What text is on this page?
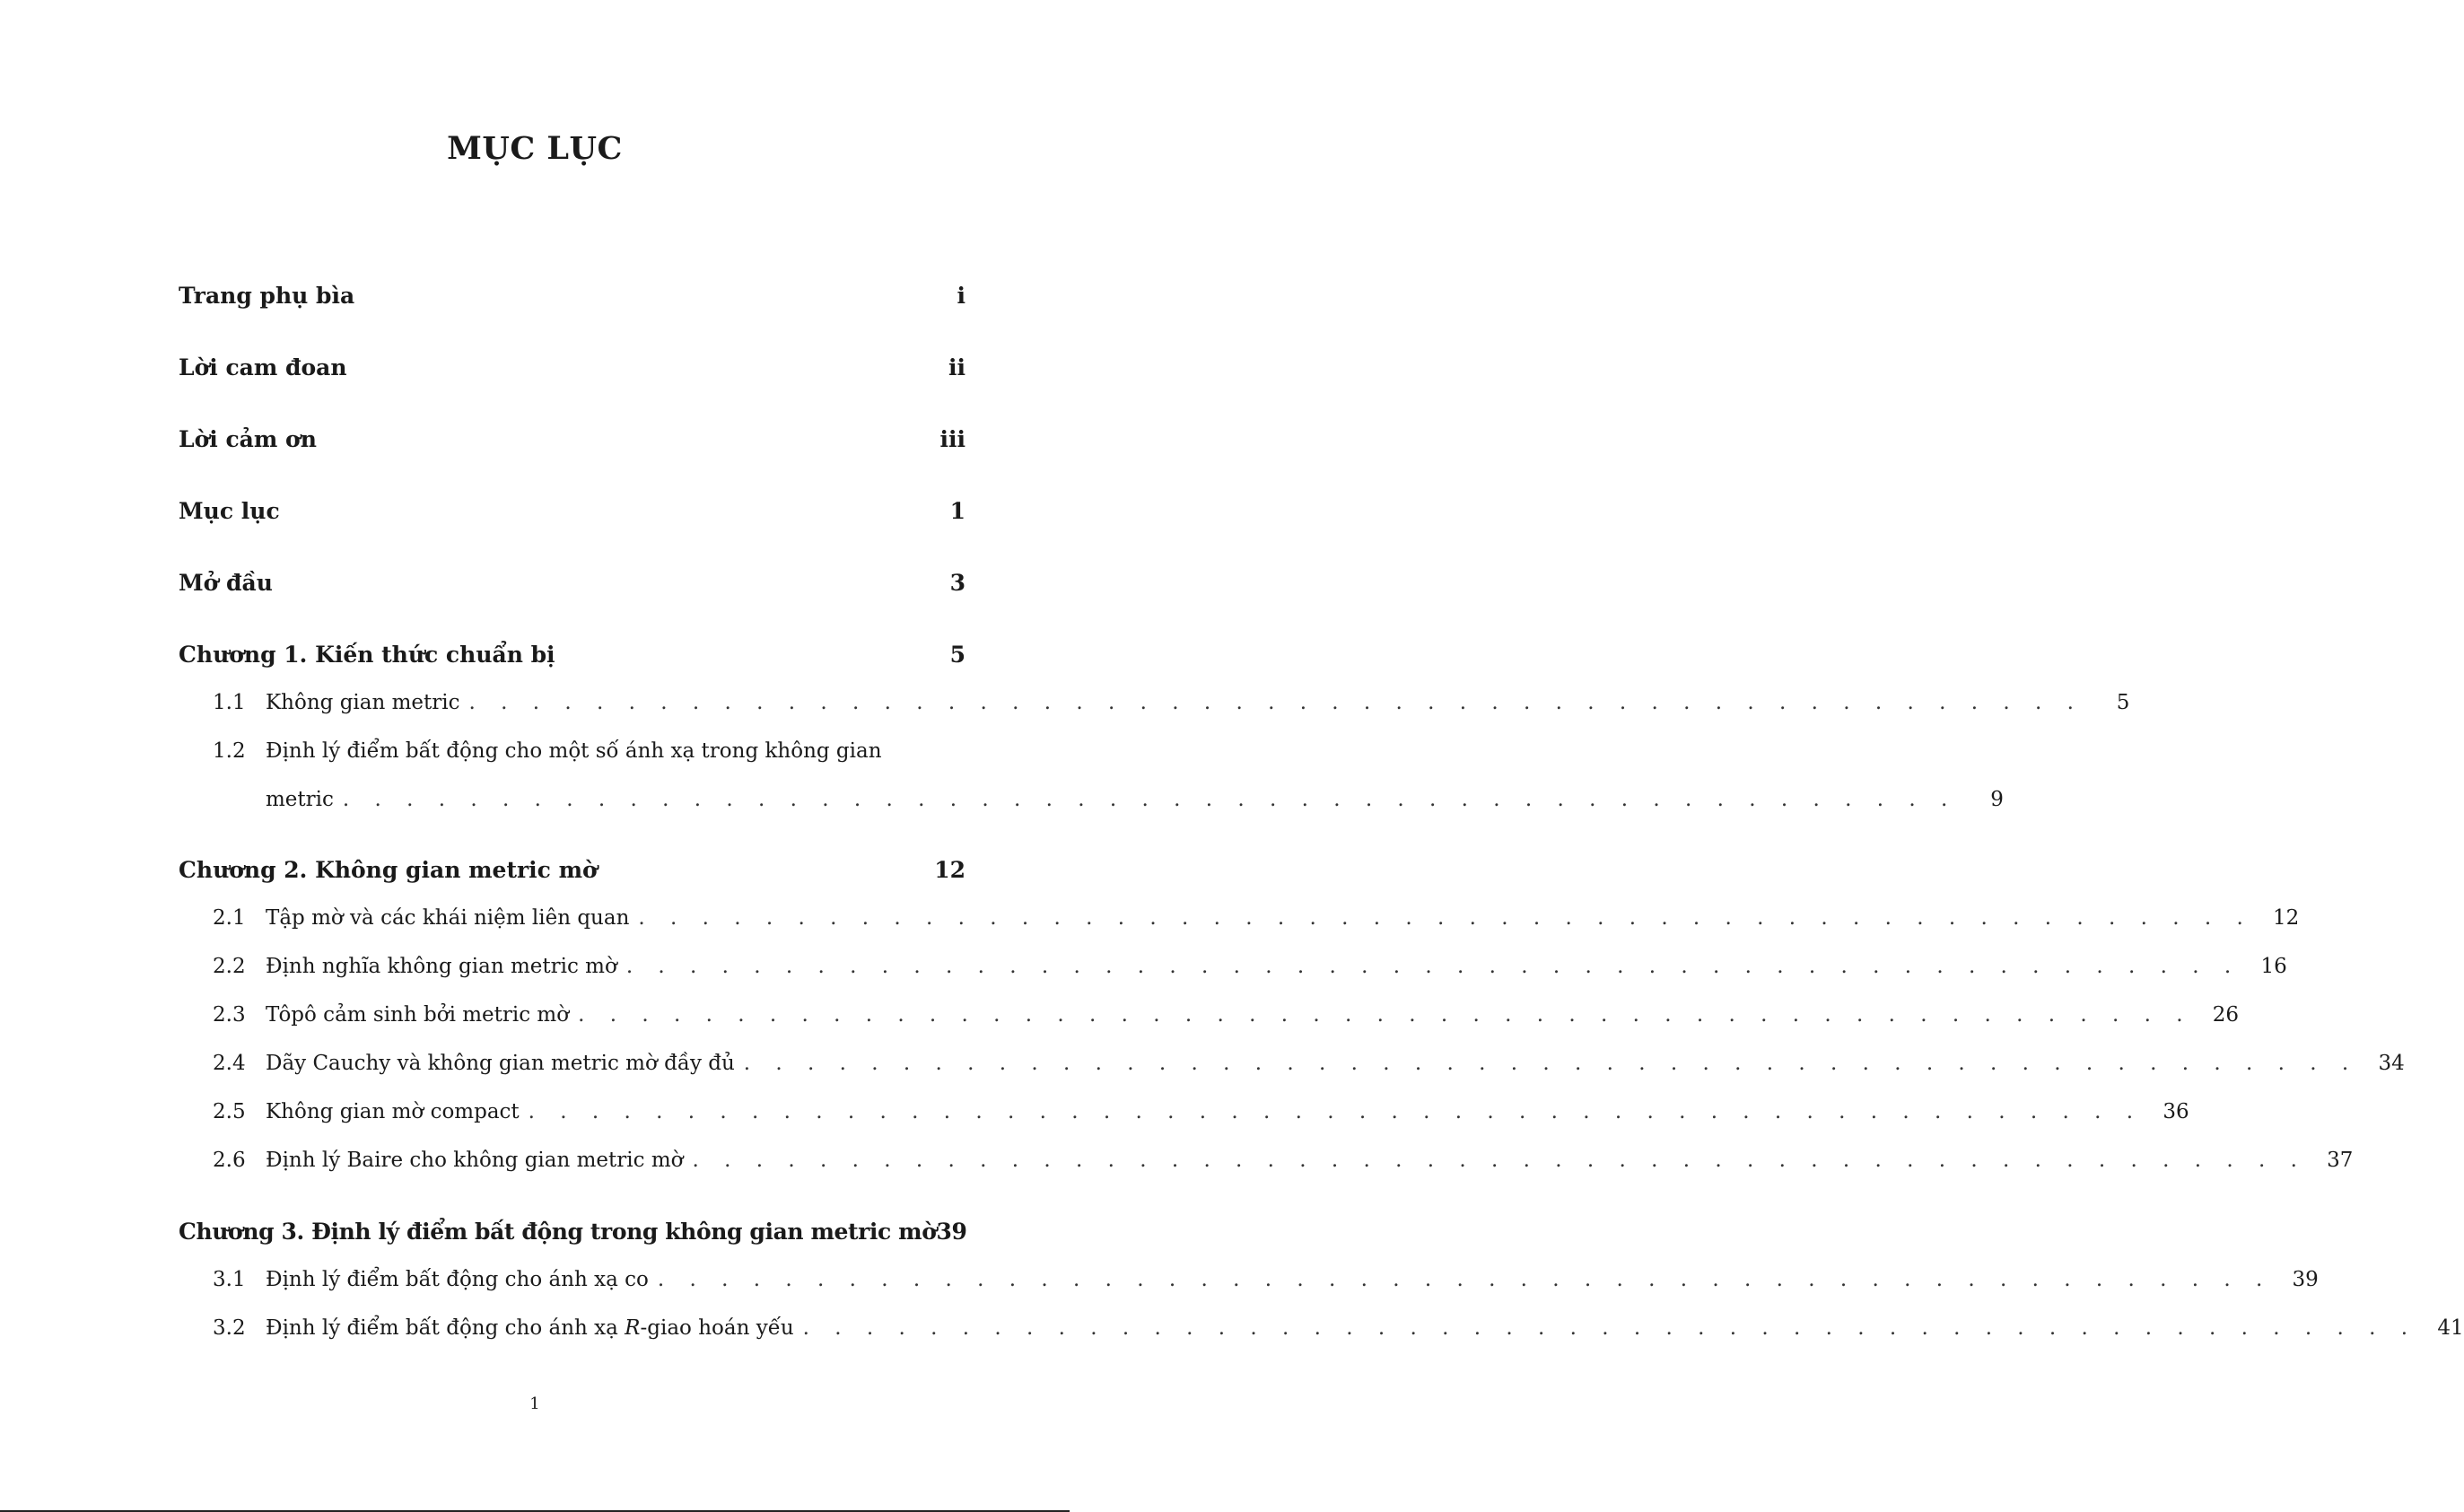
MỤC LỤC
Trang phụ bìa	i
Lời cam đoan	ii
Lời cảm ơn	iii
Mục lục	1
Mở đầu	3
Chương 1. Kiến thức chuẩn bị	5
1.1 Không gian metric . . . . . . . . . . . . . . . . . . . . . . . . . . . . . . . . . . . . . . . . . . . . . . . . . . .	5
1.2 Định lý điểm bất động cho một số ánh xạ trong không gian
metric . . . . . . . . . . . . . . . . . . . . . . . . . . . . . . . . . . . . . . . . . . . . . . . . . . .	9
Chương 2. Không gian metric mờ	12
2.1 Tập mờ và các khái niệm liên quan . . . . . . . . . . . . . . . . . . . . . . . . . . . . . . . . . . . . . . . . . . . . . . . . . . . 12
2.2 Định nghĩa không gian metric mờ . . . . . . . . . . . . . . . . . . . . . . . . . . . . . . . . . . . . . . . . . . . . . . . . . . . 16
2.3 Tôpô cảm sinh bởi metric mờ . . . . . . . . . . . . . . . . . . . . . . . . . . . . . . . . . . . . . . . . . . . . . . . . . . . 26
2.4 Dãy Cauchy và không gian metric mờ đầy đủ . . . . . . . . . . . . . . . . . . . . . . . . . . . . . . . . . . . . . . . . . . . . . . . . . . . 34
2.5 Không gian mờ compact . . . . . . . . . . . . . . . . . . . . . . . . . . . . . . . . . . . . . . . . . . . . . . . . . . . 36
2.6 Định lý Baire cho không gian metric mờ . . . . . . . . . . . . . . . . . . . . . . . . . . . . . . . . . . . . . . . . . . . . . . . . . . . 37
Chương 3. Định lý điểm bất động trong không gian metric mờ 39
3.1 Định lý điểm bất động cho ánh xạ co . . . . . . . . . . . . . . . . . . . . . . . . . . . . . . . . . . . . . . . . . . . . . . . . . . . 39
3.2 Định lý điểm bất động cho ánh xạ R-giao hoán yếu . . . . . . . . . . . . . . . . . . . . . . . . . . . . . . . . . . . . . . . . . . . . . . . . . . . 41
1
